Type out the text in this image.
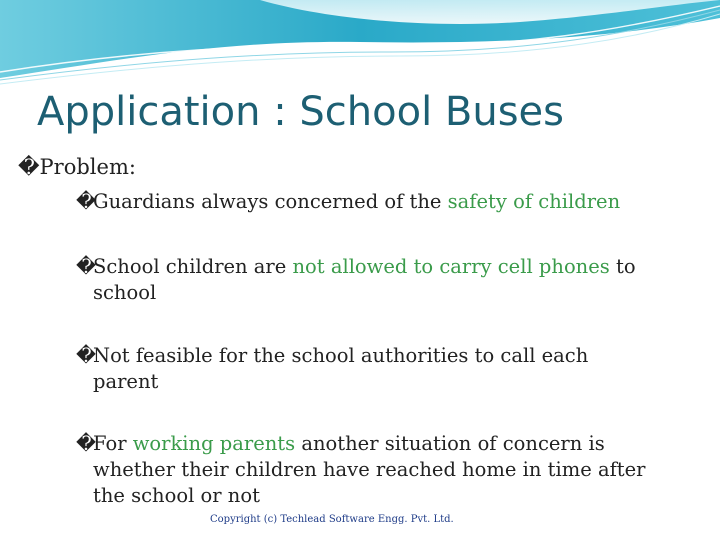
Application : School Buses
�Problem:
�Guardians always concerned of the safety of children
�School children are not allowed to carry cell phones to
school
�Not feasible for the school authorities to call each
parent
�For working parents another situation of concern is
whether their children have reached home in time after
the school or not
Copyright (c) Techlead Software Engg. Pvt. Ltd.
